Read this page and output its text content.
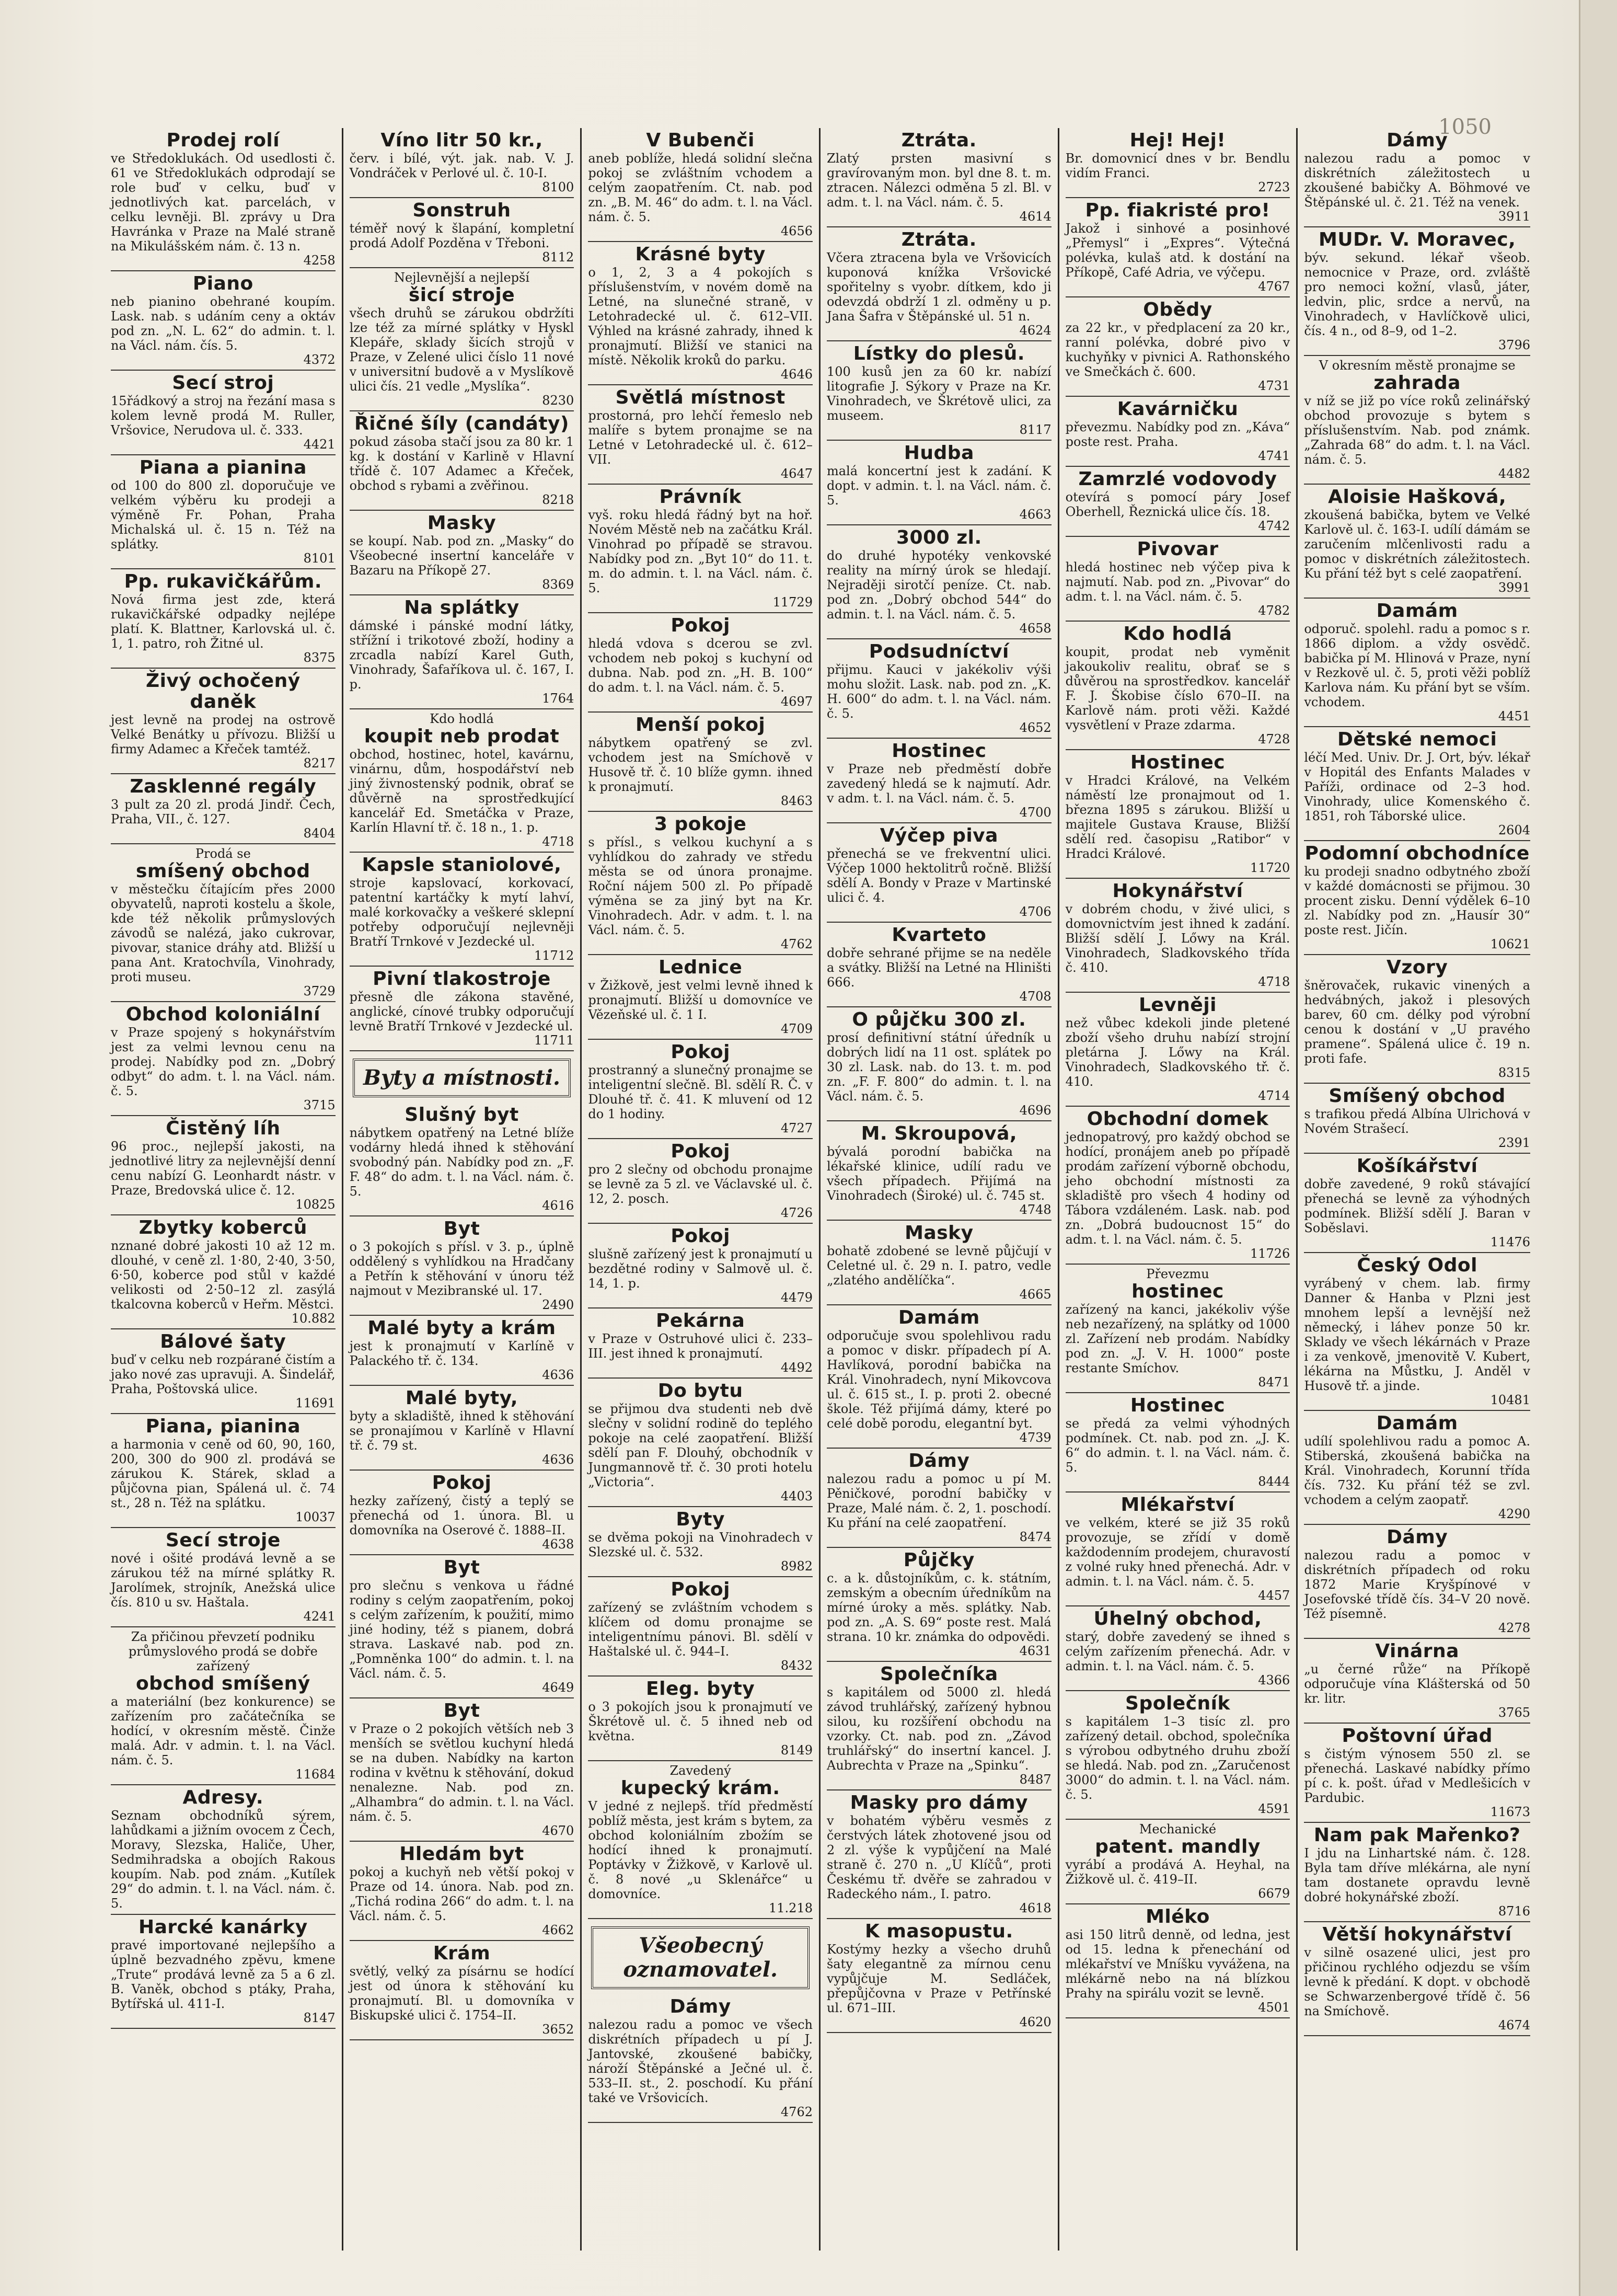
1050
Prodej rolí

ve Středoklukách. Od usedlosti č. 61 ve Středoklukách odprodají se role buď v celku, buď v jednotlivých kat. parcelách, v celku levněji. Bl. zprávy u Dra Havránka v Praze na Malé straně na Mikulášském nám. č. 13 n.

4258
Piano

neb pianino obehrané koupím. Lask. nab. s udáním ceny a oktáv pod zn. „N. L. 62“ do admin. t. l. na Václ. nám. čís. 5.

4372
Secí stroj

15řádkový a stroj na řezání masa s kolem levně prodá M. Ruller, Vršovice, Nerudova ul. č. 333.

4421
Piana a pianina

od 100 do 800 zl. doporučuje ve velkém výběru ku prodeji a výměně Fr. Pohan, Praha Michalská ul. č. 15 n. Též na splátky.

8101
Pp. rukavičkářům.

Nová firma jest zde, která rukavičkářské odpadky nejlépe platí. K. Blattner, Karlovská ul. č. 1, 1. patro, roh Žitné ul.

8375
Živý ochočený daněk

jest levně na prodej na ostrově Velké Benátky u přívozu. Bližší u firmy Adamec a Křeček tamtéž.

8217
Zasklenné regály

3 pult za 20 zl. prodá Jindř. Čech, Praha, VII., č. 127.

8404
Prodá se
smíšený obchod

v městečku čítajícím přes 2000 obyvatelů, naproti kostelu a škole, kde též několik průmyslových závodů se nalézá, jako cukrovar, pivovar, stanice dráhy atd. Bližší u pana Ant. Kratochvíla, Vinohrady, proti museu.

3729
Obchod koloniální

v Praze spojený s hokynářstvím jest za velmi levnou cenu na prodej. Nabídky pod zn. „Dobrý odbyt“ do adm. t. l. na Václ. nám. č. 5.

3715
Čistěný líh

96 proc., nejlepší jakosti, na jednotlivé litry za nejlevnější denní cenu nabízí G. Leonhardt nástr. v Praze, Bredovská ulice č. 12.

10825
Zbytky koberců

nznané dobré jakosti 10 až 12 m. dlouhé, v ceně zl. 1·80, 2·40, 3·50, 6·50, koberce pod stůl v každé velikosti od 2·50–12 zl. zasýlá tkalcovna koberců v Heřm. Městci.

10.882
Bálové šaty

buď v celku neb rozpárané čistím a jako nové zas upravuji. A. Šindelář, Praha, Poštovská ulice.

11691
Piana, pianina

a harmonia v ceně od 60, 90, 160, 200, 300 do 900 zl. prodává se zárukou K. Stárek, sklad a půjčovna pian, Spálená ul. č. 74 st., 28 n. Též na splátku.

10037
Secí stroje

nové i ošité prodává levně a se zárukou též na mírné splátky R. Jarolímek, strojník, Anežská ulice čís. 810 u sv. Haštala.

4241
Za přičinou převzetí podniku průmyslového prodá se dobře zařízený
obchod smíšený

a materiální (bez konkurence) se zařízením pro začátečníka se hodící, v okresním městě. Činže malá. Adr. v admin. t. l. na Václ. nám. č. 5.

11684
Adresy.

Seznam obchodníků sýrem, lahůdkami a jižním ovocem z Čech, Moravy, Slezska, Haliče, Uher, Sedmihradska a obojích Rakous koupím. Nab. pod znám. „Kutílek 29“ do admin. t. l. na Václ. nám. č. 5.

Harcké kanárky

pravé importované nejlepšího a úplně bezvadného zpěvu, kmene „Trute“ prodává levně za 5 a 6 zl. B. Vaněk, obchod s ptáky, Praha, Bytířská ul. 411-I.

8147
Víno litr 50 kr.,

červ. i bílé, výt. jak. nab. V. J. Vondráček v Perlové ul. č. 10-I.

8100
Sonstruh

téměř nový k šlapání, kompletní prodá Adolf Pozděna v Třeboni.

8112
Nejlevnější a nejlepší
šicí stroje

všech druhů se zárukou obdržíti lze též za mírné splátky v Hyskl Klepáře, sklady šicích strojů v Praze, v Zelené ulici číslo 11 nové v universitní budově a v Myslíkově ulici čís. 21 vedle „Myslíka“.

8230
Řičné šíly (candáty)

pokud zásoba stačí jsou za 80 kr. 1 kg. k dostání v Karlině v Hlavní třídě č. 107 Adamec a Křeček, obchod s rybami a zvěřinou.

8218
Masky

se koupí. Nab. pod zn. „Masky“ do Všeobecné insertní kanceláře v Bazaru na Příkopě 27.

8369
Na splátky

dámské i pánské modní látky, střížní i trikotové zboží, hodiny a zrcadla nabízí Karel Guth, Vinohrady, Šafaříkova ul. č. 167, I. p.

1764
Kdo hodlá
koupit neb prodat

obchod, hostinec, hotel, kavárnu, vinárnu, dům, hospodářství neb jiný živnostenský podnik, obrať se důvěrně na sprostředkující kancelář Ed. Smetáčka v Praze, Karlín Hlavní tř. č. 18 n., 1. p.

4718
Kapsle staniolové,

stroje kapslovací, korkovací, patentní kartáčky k mytí lahví, malé korkovačky a veškeré sklepní potřeby odporučují nejlevněji Bratří Trnkové v Jezdecké ul.

11712
Pivní tlakostroje

přesně dle zákona stavěné, anglické, cínové trubky odporučují levně Bratří Trnkové v Jezdecké ul.

11711
Byty a místnosti.
Slušný byt

nábytkem opatřený na Letné blíže vodárny hledá ihned k stěhování svobodný pán. Nabídky pod zn. „F. F. 48“ do adm. t. l. na Václ. nám. č. 5.

4616
Byt

o 3 pokojích s přísl. v 3. p., úplně oddělený s vyhlídkou na Hradčany a Petřín k stěhování v únoru též najmout v Mezibranské ul. 17.

2490
Malé byty a krám

jest k pronajmutí v Karlíně v Palackého tř. č. 134.

4636
Malé byty,

byty a skladiště, ihned k stěhování se pronajímou v Karlíně v Hlavní tř. č. 79 st.

4636
Pokoj

hezky zařízený, čistý a teplý se přenechá od 1. února. Bl. u domovníka na Oserové č. 1888–II.

4638
Byt

pro slečnu s venkova u řádné rodiny s celým zaopatřením, pokoj s celým zařízením, k použití, mimo jiné hodiny, též s pianem, dobrá strava. Laskavé nab. pod zn. „Pomněnka 100“ do admin. t. l. na Václ. nám. č. 5.

4649
Byt

v Praze o 2 pokojích větších neb 3 menších se světlou kuchyní hledá se na duben. Nabídky na karton rodina v květnu k stěhování, dokud nenalezne. Nab. pod zn. „Alhambra“ do admin. t. l. na Václ. nám. č. 5.

4670
Hledám byt

pokoj a kuchyň neb větší pokoj v Praze od 14. února. Nab. pod zn. „Tichá rodina 266“ do adm. t. l. na Václ. nám. č. 5.

4662
Krám

světlý, velký za písárnu se hodící jest od února k stěhování ku pronajmutí. Bl. u domovníka v Biskupské ulici č. 1754–II.

3652
V Bubenči

aneb poblíže, hledá solidní slečna pokoj se zvláštním vchodem a celým zaopatřením. Ct. nab. pod zn. „B. M. 46“ do adm. t. l. na Václ. nám. č. 5.

4656
Krásné byty

o 1, 2, 3 a 4 pokojích s příslušenstvím, v novém domě na Letné, na slunečné straně, v Letohradecké ul. č. 612–VII. Výhled na krásné zahrady, ihned k pronajmutí. Bližší ve stanici na místě. Několik kroků do parku.

4646
Světlá místnost

prostorná, pro lehčí řemeslo neb malíře s bytem pronajme se na Letné v Letohradecké ul. č. 612–VII.

4647
Právník

vyš. roku hledá řádný byt na hoř. Novém Městě neb na začátku Král. Vinohrad po případě se stravou. Nabídky pod zn. „Byt 10“ do 11. t. m. do admin. t. l. na Václ. nám. č. 5.

11729
Pokoj

hledá vdova s dcerou se zvl. vchodem neb pokoj s kuchyní od dubna. Nab. pod zn. „H. B. 100“ do adm. t. l. na Václ. nám. č. 5.

4697
Menší pokoj

nábytkem opatřený se zvl. vchodem jest na Smíchově v Husově tř. č. 10 blíže gymn. ihned k pronajmutí.

8463
3 pokoje

s přísl., s velkou kuchyní a s vyhlídkou do zahrady ve středu města se od února pronajme. Roční nájem 500 zl. Po případě výměna se za jiný byt na Kr. Vinohradech. Adr. v adm. t. l. na Václ. nám. č. 5.

4762
Lednice

v Žižkově, jest velmi levně ihned k pronajmutí. Bližší u domovníce ve Vězeňské ul. č. 1 I.

4709
Pokoj

prostranný a slunečný pronajme se inteligentní slečně. Bl. sdělí R. Č. v Dlouhé tř. č. 41. K mluvení od 12 do 1 hodiny.

4727
Pokoj

pro 2 slečny od obchodu pronajme se levně za 5 zl. ve Václavské ul. č. 12, 2. posch.

4726
Pokoj

slušně zařízený jest k pronajmutí u bezdětné rodiny v Salmově ul. č. 14, 1. p.

4479
Pekárna

v Praze v Ostruhové ulici č. 233–III. jest ihned k pronajmutí.

4492
Do bytu

se přijmou dva studenti neb dvě slečny v solidní rodině do teplého pokoje na celé zaopatření. Bližší sdělí pan F. Dlouhý, obchodník v Jungmannově tř. č. 30 proti hotelu „Victoria“.

4403
Byty

se dvěma pokoji na Vinohradech v Slezské ul. č. 532.

8982
Pokoj

zařízený se zvláštním vchodem s klíčem od domu pronajme se inteligentnímu pánovi. Bl. sdělí v Haštalské ul. č. 944–I.

8432
Eleg. byty

o 3 pokojích jsou k pronajmutí ve Škrétově ul. č. 5 ihned neb od května.

8149
Zavedený
kupecký krám.

V jedné z nejlepš. tříd předměstí poblíž města, jest krám s bytem, za obchod koloniálním zbožím se hodící ihned k pronajmutí. Poptávky v Žižkově, v Karlově ul. č. 8 nové „u Sklenářce“ u domovníce.

11.218
Všeobecný oznamovatel.
Dámy

nalezou radu a pomoc ve všech diskrétních případech u pí J. Jantovské, zkoušené babičky, nároží Štěpánské a Ječné ul. č. 533–II. st., 2. poschodí. Ku přání také ve Vršovicích.

4762
Ztráta.

Zlatý prsten masivní s gravírovaným mon. byl dne 8. t. m. ztracen. Nálezci odměna 5 zl. Bl. v adm. t. l. na Václ. nám. č. 5.

4614
Ztráta.

Včera ztracena byla ve Vršovicích kuponová knížka Vršovické spořitelny s vyobr. dítkem, kdo ji odevzdá obdrží 1 zl. odměny u p. Jana Šafra v Štěpánské ul. 51 n.

4624
Lístky do plesů.

100 kusů jen za 60 kr. nabízí litografie J. Sýkory v Praze na Kr. Vinohradech, ve Škrétově ulici, za museem.

8117
Hudba

malá koncertní jest k zadání. K dopt. v admin. t. l. na Václ. nám. č. 5.

4663
3000 zl.

do druhé hypotéky venkovské reality na mírný úrok se hledají. Nejraději sirotčí peníze. Ct. nab. pod zn. „Dobrý obchod 544“ do admin. t. l. na Václ. nám. č. 5.

4658
Podsudníctví

přijmu. Kauci v jakékoliv výši mohu složit. Lask. nab. pod zn. „K. H. 600“ do adm. t. l. na Václ. nám. č. 5.

4652
Hostinec

v Praze neb předměstí dobře zavedený hledá se k najmutí. Adr. v adm. t. l. na Václ. nám. č. 5.

4700
Výčep piva

přenechá se ve frekventní ulici. Výčep 1000 hektolitrů ročně. Bližší sdělí A. Bondy v Praze v Martinské ulici č. 4.

4706
Kvarteto

dobře sehrané přijme se na neděle a svátky. Bližší na Letné na Hliništi 666.

4708
O půjčku 300 zl.

prosí definitivní státní úředník u dobrých lidí na 11 ost. splátek po 30 zl. Lask. nab. do 13. t. m. pod zn. „F. F. 800“ do admin. t. l. na Václ. nám. č. 5.

4696
M. Skroupová,

bývalá porodní babička na lékařské klinice, udílí radu ve všech případech. Přijímá na Vinohradech (Široké) ul. č. 745 st.

4748
Masky

bohatě zdobené se levně půjčují v Celetné ul. č. 29 n. I. patro, vedle „zlatého andělíčka“.

4665
Damám

odporučuje svou spolehlivou radu a pomoc v diskr. případech pí A. Havlíková, porodní babička na Král. Vinohradech, nyní Mikovcova ul. č. 615 st., I. p. proti 2. obecné škole. Též přijímá dámy, které po celé době porodu, elegantní byt.

4739
Dámy

nalezou radu a pomoc u pí M. Pěničkové, porodní babičky v Praze, Malé nám. č. 2, 1. poschodí. Ku přání na celé zaopatření.

8474
Půjčky

c. a k. důstojníkům, c. k. státním, zemským a obecním úředníkům na mírné úroky a měs. splátky. Nab. pod zn. „A. S. 69“ poste rest. Malá strana. 10 kr. známka do odpovědi.

4631
Společníka

s kapitálem od 5000 zl. hledá závod truhlářský, zařízený hybnou silou, ku rozšíření obchodu na vzorky. Ct. nab. pod zn. „Závod truhlářský“ do insertní kancel. J. Aubrechta v Praze na „Spinku“.

8487
Masky pro dámy

v bohatém výběru vesměs z čerstvých látek zhotovené jsou od 2 zl. výše k vypůjčení na Malé straně č. 270 n. „U Klíčů“, proti Českému tř. dvěře se zahradou v Radeckého nám., I. patro.

4618
K masopustu.

Kostýmy hezky a všecho druhů šaty elegantně za mírnou cenu vypůjčuje M. Sedláček, přepůjčovna v Praze v Petřínské ul. 671–III.

4620
Hej! Hej!

Br. domovnicí dnes v br. Bendlu vidím Franci.

2723
Pp. fiakristé pro!

Jakož i sinhové a posinhové „Přemysl“ i „Expres“. Výtečná polévka, kulaš atd. k dostání na Příkopě, Café Adria, ve výčepu.

4767
Obědy

za 22 kr., v předplacení za 20 kr., ranní polévka, dobré pivo v kuchyňky v pivnici A. Rathonského ve Smečkách č. 600.

4731
Kavárničku

převezmu. Nabídky pod zn. „Káva“ poste rest. Praha.

4741
Zamrzlé vodovody

otevírá s pomocí páry Josef Oberhell, Řeznická ulice čís. 18.

4742
Pivovar

hledá hostinec neb výčep piva k najmutí. Nab. pod zn. „Pivovar“ do adm. t. l. na Václ. nám. č. 5.

4782
Kdo hodlá

koupit, prodat neb vyměnit jakoukoliv realitu, obrať se s důvěrou na sprostředkov. kancelář F. J. Škobise číslo 670–II. na Karlově nám. proti věži. Každé vysvětlení v Praze zdarma.

4728
Hostinec

v Hradci Králové, na Velkém náměstí lze pronajmout od 1. března 1895 s zárukou. Bližší u majitele Gustava Krause, Bližší sdělí red. časopisu „Ratibor“ v Hradci Králové.

11720
Hokynářství

v dobrém chodu, v živé ulici, s domovnictvím jest ihned k zadání. Bližší sdělí J. Lőwy na Král. Vinohradech, Sladkovského třída č. 410.

4718
Levněji

než vůbec kdekoli jinde pletené zboží všeho druhu nabízí strojní pletárna J. Lőwy na Král. Vinohradech, Sladkovského tř. č. 410.

4714
Obchodní domek

jednopatrový, pro každý obchod se hodící, pronájem aneb po případě prodám zařízení výborně obchodu, jeho obchodní místnosti za skladiště pro všech 4 hodiny od Tábora vzdáleném. Lask. nab. pod zn. „Dobrá budoucnost 15“ do adm. t. l. na Václ. nám. č. 5.

11726
Převezmu
hostinec

zařízený na kanci, jakékoliv výše neb nezařízený, na splátky od 1000 zl. Zařízení neb prodám. Nabídky pod zn. „J. V. H. 1000“ poste restante Smíchov.

8471
Hostinec

se předá za velmi výhodných podmínek. Ct. nab. pod zn. „J. K. 6“ do admin. t. l. na Václ. nám. č. 5.

8444
Mlékařství

ve velkém, které se již 35 roků provozuje, se zřídí v domě každodenním prodejem, churavostí z volné ruky hned přenechá. Adr. v admin. t. l. na Václ. nám. č. 5.

4457
Úhelný obchod,

starý, dobře zavedený se ihned s celým zařízením přenechá. Adr. v admin. t. l. na Václ. nám. č. 5.

4366
Společník

s kapitálem 1–3 tisíc zl. pro zařízený detail. obchod, společníka s výrobou odbytného druhu zboží se hledá. Nab. pod zn. „Zaručenost 3000“ do admin. t. l. na Václ. nám. č. 5.

4591
Mechanické
patent. mandly

vyrábí a prodává A. Heyhal, na Žižkově ul. č. 419–II.

6679
Mléko

asi 150 litrů denně, od ledna, jest od 15. ledna k přenechání od mlékařství ve Mníšku vyvážena, na mlékárně nebo na ná blízkou Prahy na spirálu vozit se levně.

4501
Dámy

nalezou radu a pomoc v diskrétních záležitostech u zkoušené babičky A. Böhmové ve Štěpánské ul. č. 21. Též na venek.

3911
MUDr. V. Moravec,

býv. sekund. lékař všeob. nemocnice v Praze, ord. zvláště pro nemoci kožní, vlasů, játer, ledvin, plic, srdce a nervů, na Vinohradech, v Havlíčkově ulici, čís. 4 n., od 8–9, od 1–2.

3796
V okresním městě pronajme se
zahrada

v níž se již po více roků zelinářský obchod provozuje s bytem s příslušenstvím. Nab. pod známk. „Zahrada 68“ do adm. t. l. na Václ. nám. č. 5.

4482
Aloisie Hašková,

zkoušená babička, bytem ve Velké Karlově ul. č. 163-I. udílí dámám se zaručením mlčenlivosti radu a pomoc v diskrétních záležitostech. Ku přání též byt s celé zaopatření.

3991
Damám

odporuč. spolehl. radu a pomoc s r. 1866 diplom. a vždy osvědč. babička pí M. Hlinová v Praze, nyní v Rezkově ul. č. 5, proti věži poblíž Karlova nám. Ku přání byt se vším. vchodem.

4451
Dětské nemoci

léčí Med. Univ. Dr. J. Ort, býv. lékař v Hopitál des Enfants Malades v Paříži, ordinace od 2–3 hod. Vinohrady, ulice Komenského č. 1851, roh Táborské ulice.

2604
Podomní obchodníce

ku prodeji snadno odbytného zboží v každé domácnosti se přijmou. 30 procent zisku. Denní výdělek 6–10 zl. Nabídky pod zn. „Hausír 30“ poste rest. Jičín.

10621
Vzory

šněrovaček, rukavic vinených a hedvábných, jakož i plesových barev, 60 cm. délky pod výrobní cenou k dostání v „U pravého pramene“. Spálená ulice č. 19 n. proti fafe.

8315
Smíšený obchod

s trafikou předá Albína Ulrichová v Novém Strašecí.

2391
Košíkářství

dobře zavedené, 9 roků stávající přenechá se levně za výhodných podmínek. Bližší sdělí J. Baran v Soběslavi.

11476
Český Odol

vyrábený v chem. lab. firmy Danner & Hanba v Plzni jest mnohem lepší a levnější než německý, i láhev ponze 50 kr. Sklady ve všech lékárnách v Praze i za venkově, jmenovitě V. Kubert, lékárna na Můstku, J. Anděl v Husově tř. a jinde.

10481
Damám

udílí spolehlivou radu a pomoc A. Stiberská, zkoušená babička na Král. Vinohradech, Korunní třída čís. 732. Ku přání též se zvl. vchodem a celým zaopatř.

4290
Dámy

nalezou radu a pomoc v diskrétních případech od roku 1872 Marie Kryšpínové v Josefovské třídě čís. 34–V 20 nově. Též písemně.

4278
Vinárna

„u černé růže“ na Příkopě odporučuje vína Klášterská od 50 kr. litr.

3765
Poštovní úřad

s čistým výnosem 550 zl. se přenechá. Laskavé nabídky přímo pí c. k. pošt. úřad v Medlešicích v Pardubic.

11673
Nam pak Mařenko?

I jdu na Linhartské nám. č. 128. Byla tam dříve mlékárna, ale nyní tam dostanete opravdu levně dobré hokynářské zboží.

8716
Větší hokynářství

v silně osazené ulici, jest pro přičinou rychlého odjezdu se vším levně k předání. K dopt. v obchodě se Schwarzenbergové třídě č. 56 na Smíchově.

4674
